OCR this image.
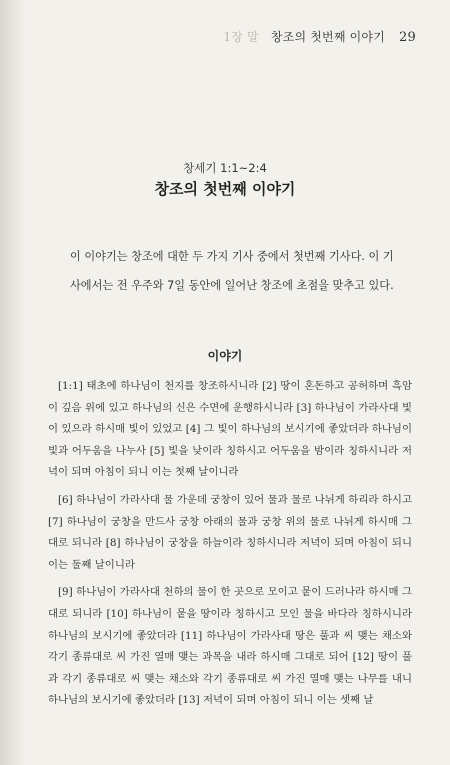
1장 말 창조의 첫번째 이야기 29
창세기 1:1~2:4
창조의 첫번째 이야기
이 이야기는 창조에 대한 두 가지 기사 중에서 첫번째 기사다. 이 기사에서는 전 우주와 7일 동안에 일어난 창조에 초점을 맞추고 있다.
이야기

[1:1] 태초에 하나님이 천지를 창조하시니라 [2] 땅이 혼돈하고 공허하며 흑암이 깊음 위에 있고 하나님의 신은 수면에 운행하시니라 [3] 하나님이 가라사대 빛이 있으라 하시매 빛이 있었고 [4] 그 빛이 하나님의 보시기에 좋았더라 하나님이 빛과 어두움을 나누사 [5] 빛을 낮이라 칭하시고 어두움을 밤이라 칭하시니라 저녁이 되며 아침이 되니 이는 첫째 날이니라

[6] 하나님이 가라사대 물 가운데 궁창이 있어 물과 물로 나뉘게 하리라 하시고 [7] 하나님이 궁창을 만드사 궁창 아래의 물과 궁창 위의 물로 나뉘게 하시매 그대로 되니라 [8] 하나님이 궁창을 하늘이라 칭하시니라 저녁이 되며 아침이 되니 이는 둘째 날이니라

[9] 하나님이 가라사대 천하의 물이 한 곳으로 모이고 뭍이 드러나라 하시매 그대로 되니라 [10] 하나님이 뭍을 땅이라 칭하시고 모인 물을 바다라 칭하시니라 하나님의 보시기에 좋았더라 [11] 하나님이 가라사대 땅은 풀과 씨 맺는 채소와 각기 종류대로 씨 가진 열매 맺는 과목을 내라 하시매 그대로 되어 [12] 땅이 풀과 각기 종류대로 씨 맺는 채소와 각기 종류대로 씨 가진 열매 맺는 나무를 내니 하나님의 보시기에 좋았더라 [13] 저녁이 되며 아침이 되니 이는 셋째 날
